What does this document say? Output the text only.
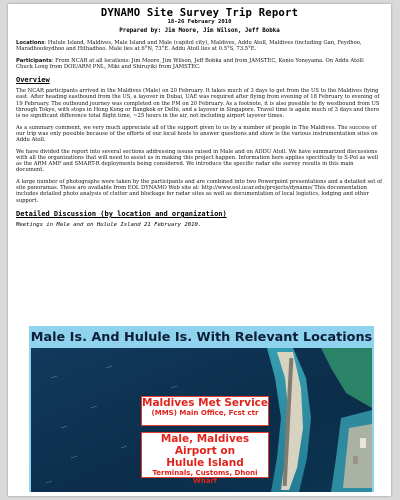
DYNAMO Site Survey Trip Report
18-26 February 2010
Prepared by: Jim Moore, Jim Wilson, Jeff Bobka
Locations: Hulule Island, Maldives, Male Island and Male (capitol city), Maldives, Addu Atoll, Maldives (including Gan, Feydhoo, Maradhoofeydhoo and Hithadhoo. Male lies at 6°N, 73°E. Addu Atoll lies at 0.5°S, 73.5°E.
Participants: From NCAR at all locations: Jim Moore, Jim Wilson, Jeff Bobka and from JAMSTEC, Konio Yoneyama. On Addu Atoll: Chuck Long from DOE/ARM PNL, Miki and Shiruyiki from JAMSTEC.
Overview
The NCAR participants arrived in the Maldives (Male) on 20 February. It takes much of 3 days to get from the US to the Maldives flying east. After heading eastbound from the US, a layover in Dubai, UAE was required after flying from evening of 18 February to evening of 19 February. The outbound journey was completed on the PM on 20 February. As a footnote, it is also possible to fly westbound from US through Tokyo, with stops in Hong Kong or Bangkok or Delhi, and a layover in Singapore. Travel time is again much of 3 days and there is no significant difference total flight time, ~25 hours in the air, not including airport layover times.
As a summary comment, we very much appreciate all of the support given to us by a number of people in The Maldives. The success of our trip was only possible because of the efforts of our local hosts to answer questions and show is the various instrumentation sites on Addu Atoll.
We have divided the report into several sections addressing issues raised in Male and on ADDU Atoll. We have summarized discussions with all the organizations that will need to assist us in making this project happen. Information here applies specifically to S-Pol as well as the ARM AMF and SMART-R deployments being considered. We introduce the specific radar site survey results in this main document.
A large number of photographs were taken by the participants and are combined into two Powerpoint presentations and a detailed set of site panoramas. These are available from EOL DYNAMO Web site at: http://www.eol.ucar.edu/projects/dynamo/ This documentation includes detailed photo analysis of clutter and blockage for radar sites as well as documentation of local logistics, lodging and other support.
Detailed Discussion (by location and organization)
Meetings in Male and on Hulule Island 21 February 2010.
Male Is. And Hulule Is. With Relevant Locations
Maldives Met Service
(MMS) Main Office, Fcst ctr
Male, Maldives Airport on
Hulule Island
Terminals, Customs, Dhoni Wharf
